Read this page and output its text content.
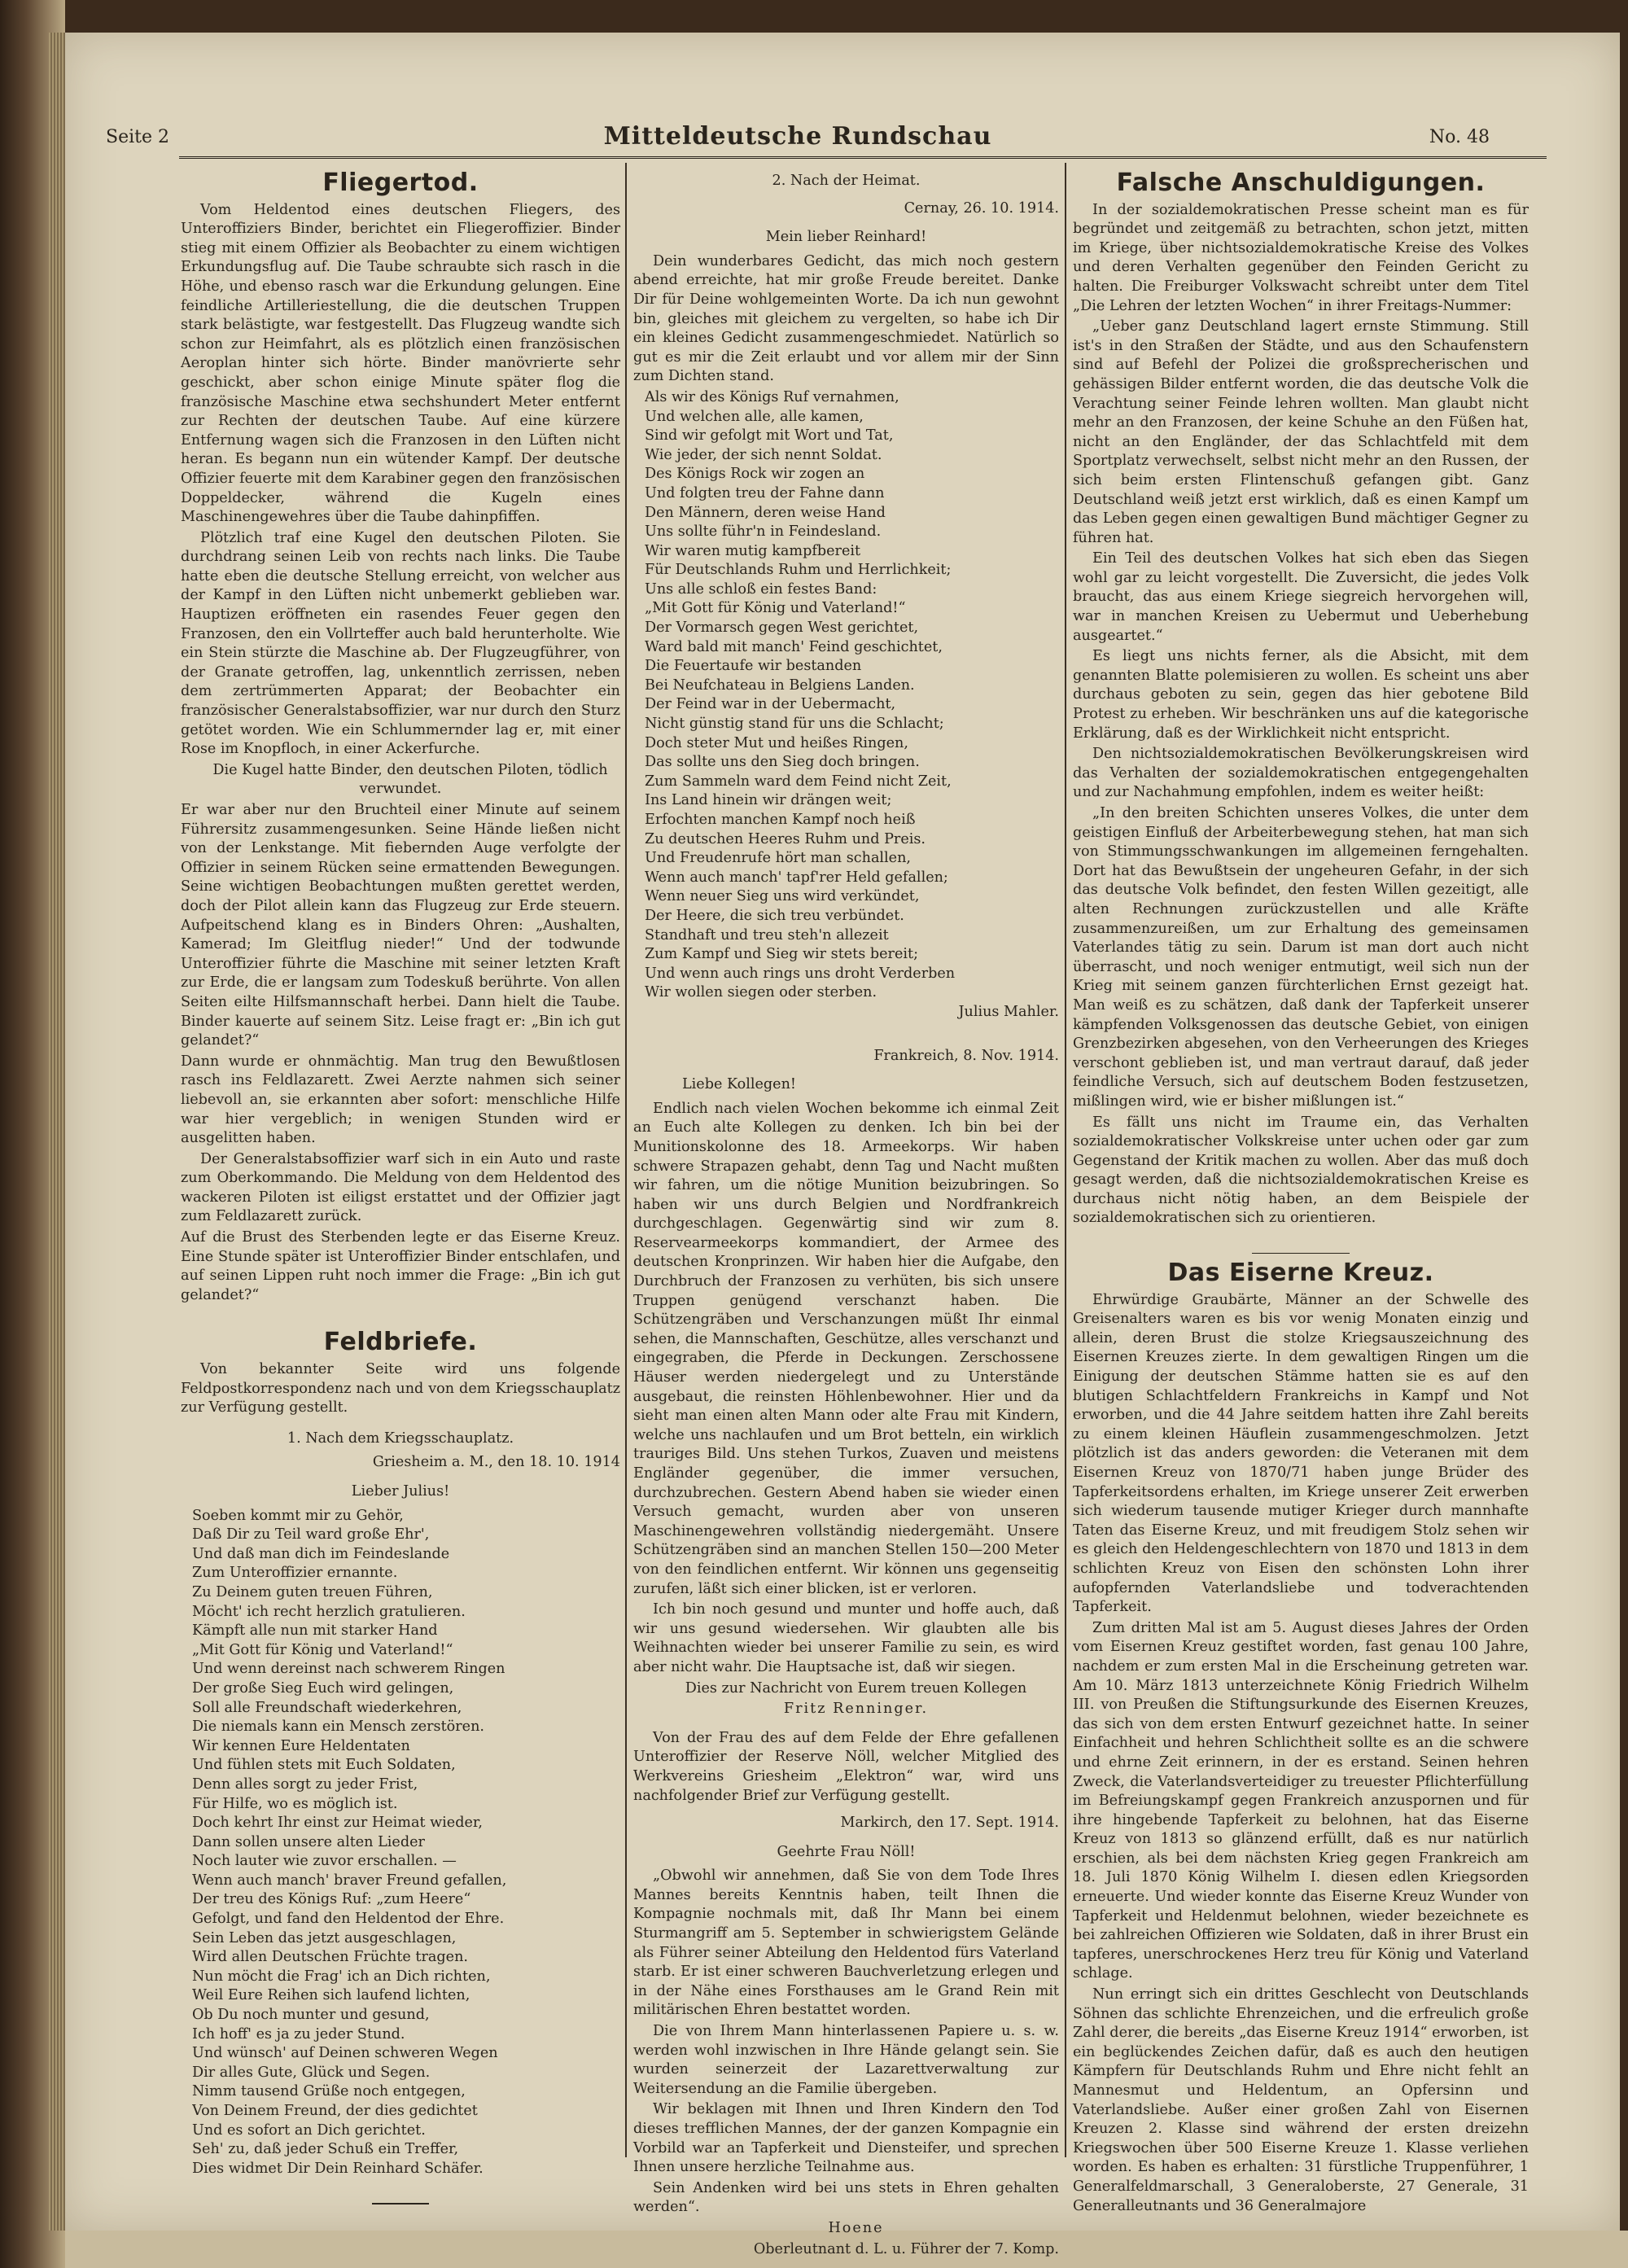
Seite 2	Mitteldeutsche Rundschau	No. 48
Fliegertod.

Vom Heldentod eines deutschen Fliegers, des Unteroffiziers Binder, berichtet ein Fliegeroffizier. Binder stieg mit einem Offizier als Beobachter zu einem wichtigen Erkundungsflug auf. Die Taube schraubte sich rasch in die Höhe, und ebenso rasch war die Erkundung gelungen. Eine feindliche Artilleriestellung, die die deutschen Truppen stark belästigte, war festgestellt. Das Flugzeug wandte sich schon zur Heimfahrt, als es plötzlich einen französischen Aeroplan hinter sich hörte. Binder manövrierte sehr geschickt, aber schon einige Minute später flog die französische Maschine etwa sechshundert Meter entfernt zur Rechten der deutschen Taube. Auf eine kürzere Entfernung wagen sich die Franzosen in den Lüften nicht heran. Es begann nun ein wütender Kampf. Der deutsche Offizier feuerte mit dem Karabiner gegen den französischen Doppeldecker, während die Kugeln eines Maschinengewehres über die Taube dahinpfiffen.

Plötzlich traf eine Kugel den deutschen Piloten. Sie durchdrang seinen Leib von rechts nach links. Die Taube hatte eben die deutsche Stellung erreicht, von welcher aus der Kampf in den Lüften nicht unbemerkt geblieben war. Hauptizen eröffneten ein rasendes Feuer gegen den Franzosen, den ein Vollrteffer auch bald herunterholte. Wie ein Stein stürzte die Maschine ab. Der Flugzeugführer, von der Granate getroffen, lag, unkenntlich zerrissen, neben dem zertrümmerten Apparat; der Beobachter ein französischer Generalstabsoffizier, war nur durch den Sturz getötet worden. Wie ein Schlummernder lag er, mit einer Rose im Knopfloch, in einer Ackerfurche.

Die Kugel hatte Binder, den deutschen Piloten, tödlich verwundet.

Er war aber nur den Bruchteil einer Minute auf seinem Führersitz zusammengesunken. Seine Hände ließen nicht von der Lenkstange. Mit fiebernden Auge verfolgte der Offizier in seinem Rücken seine ermattenden Bewegungen. Seine wichtigen Beobachtungen mußten gerettet werden, doch der Pilot allein kann das Flugzeug zur Erde steuern. Aufpeitschend klang es in Binders Ohren: „Aushalten, Kamerad; Im Gleitflug nieder!“ Und der todwunde Unteroffizier führte die Maschine mit seiner letzten Kraft zur Erde, die er langsam zum Todeskuß berührte. Von allen Seiten eilte Hilfsmannschaft herbei. Dann hielt die Taube. Binder kauerte auf seinem Sitz. Leise fragt er: „Bin ich gut gelandet?“

Dann wurde er ohnmächtig. Man trug den Bewußtlosen rasch ins Feldlazarett. Zwei Aerzte nahmen sich seiner liebevoll an, sie erkannten aber sofort: menschliche Hilfe war hier vergeblich; in wenigen Stunden wird er ausgelitten haben.

Der Generalstabsoffizier warf sich in ein Auto und raste zum Oberkommando. Die Meldung von dem Heldentod des wackeren Piloten ist eiligst erstattet und der Offizier jagt zum Feldlazarett zurück.

Auf die Brust des Sterbenden legte er das Eiserne Kreuz. Eine Stunde später ist Unteroffizier Binder entschlafen, und auf seinen Lippen ruht noch immer die Frage: „Bin ich gut gelandet?“

Feldbriefe.

Von bekannter Seite wird uns folgende Feldpostkorrespondenz nach und von dem Kriegsschauplatz zur Verfügung gestellt.

1. Nach dem Kriegsschauplatz.

Griesheim a. M., den 18. 10. 1914

Lieber Julius!

Soeben kommt mir zu Gehör,
Daß Dir zu Teil ward große Ehr',
Und daß man dich im Feindeslande
Zum Unteroffizier ernannte.
Zu Deinem guten treuen Führen,
Möcht' ich recht herzlich gratulieren.
Kämpft alle nun mit starker Hand
„Mit Gott für König und Vaterland!“
Und wenn dereinst nach schwerem Ringen
Der große Sieg Euch wird gelingen,
Soll alle Freundschaft wiederkehren,
Die niemals kann ein Mensch zerstören.
Wir kennen Eure Heldentaten
Und fühlen stets mit Euch Soldaten,
Denn alles sorgt zu jeder Frist,
Für Hilfe, wo es möglich ist.
Doch kehrt Ihr einst zur Heimat wieder,
Dann sollen unsere alten Lieder
Noch lauter wie zuvor erschallen. —
Wenn auch manch' braver Freund gefallen,
Der treu des Königs Ruf: „zum Heere“
Gefolgt, und fand den Heldentod der Ehre.
Sein Leben das jetzt ausgeschlagen,
Wird allen Deutschen Früchte tragen.
Nun möcht die Frag' ich an Dich richten,
Weil Eure Reihen sich laufend lichten,
Ob Du noch munter und gesund,
Ich hoff' es ja zu jeder Stund.
Und wünsch' auf Deinen schweren Wegen
Dir alles Gute, Glück und Segen.
Nimm tausend Grüße noch entgegen,
Von Deinem Freund, der dies gedichtet
Und es sofort an Dich gerichtet.
Seh' zu, daß jeder Schuß ein Treffer,
Dies widmet Dir Dein Reinhard Schäfer.

2. Nach der Heimat.

Cernay, 26. 10. 1914.

Mein lieber Reinhard!

Dein wunderbares Gedicht, das mich noch gestern abend erreichte, hat mir große Freude bereitet. Danke Dir für Deine wohlgemeinten Worte. Da ich nun gewohnt bin, gleiches mit gleichem zu vergelten, so habe ich Dir ein kleines Gedicht zusammengeschmiedet. Natürlich so gut es mir die Zeit erlaubt und vor allem mir der Sinn zum Dichten stand.

Als wir des Königs Ruf vernahmen,
Und welchen alle, alle kamen,
Sind wir gefolgt mit Wort und Tat,
Wie jeder, der sich nennt Soldat.
Des Königs Rock wir zogen an
Und folgten treu der Fahne dann
Den Männern, deren weise Hand
Uns sollte führ'n in Feindesland.
Wir waren mutig kampfbereit
Für Deutschlands Ruhm und Herrlichkeit;
Uns alle schloß ein festes Band:
„Mit Gott für König und Vaterland!“
Der Vormarsch gegen West gerichtet,
Ward bald mit manch' Feind geschichtet,
Die Feuertaufe wir bestanden
Bei Neufchateau in Belgiens Landen.
Der Feind war in der Uebermacht,
Nicht günstig stand für uns die Schlacht;
Doch steter Mut und heißes Ringen,
Das sollte uns den Sieg doch bringen.
Zum Sammeln ward dem Feind nicht Zeit,
Ins Land hinein wir drängen weit;
Erfochten manchen Kampf noch heiß
Zu deutschen Heeres Ruhm und Preis.
Und Freudenrufe hört man schallen,
Wenn auch manch' tapf'rer Held gefallen;
Wenn neuer Sieg uns wird verkündet,
Der Heere, die sich treu verbündet.
Standhaft und treu steh'n allezeit
Zum Kampf und Sieg wir stets bereit;
Und wenn auch rings uns droht Verderben
Wir wollen siegen oder sterben.

Julius Mahler.

Frankreich, 8. Nov. 1914.

Liebe Kollegen!

Endlich nach vielen Wochen bekomme ich einmal Zeit an Euch alte Kollegen zu denken. Ich bin bei der Munitionskolonne des 18. Armeekorps. Wir haben schwere Strapazen gehabt, denn Tag und Nacht mußten wir fahren, um die nötige Munition beizubringen. So haben wir uns durch Belgien und Nordfrankreich durchgeschlagen. Gegenwärtig sind wir zum 8. Reservearmeekorps kommandiert, der Armee des deutschen Kronprinzen. Wir haben hier die Aufgabe, den Durchbruch der Franzosen zu verhüten, bis sich unsere Truppen genügend verschanzt haben. Die Schützengräben und Verschanzungen müßt Ihr einmal sehen, die Mannschaften, Geschütze, alles verschanzt und eingegraben, die Pferde in Deckungen. Zerschossene Häuser werden niedergelegt und zu Unterstände ausgebaut, die reinsten Höhlenbewohner. Hier und da sieht man einen alten Mann oder alte Frau mit Kindern, welche uns nachlaufen und um Brot betteln, ein wirklich trauriges Bild. Uns stehen Turkos, Zuaven und meistens Engländer gegenüber, die immer versuchen, durchzubrechen. Gestern Abend haben sie wieder einen Versuch gemacht, wurden aber von unseren Maschinengewehren vollständig niedergemäht. Unsere Schützengräben sind an manchen Stellen 150—200 Meter von den feindlichen entfernt. Wir können uns gegenseitig zurufen, läßt sich einer blicken, ist er verloren.

Ich bin noch gesund und munter und hoffe auch, daß wir uns gesund wiedersehen. Wir glaubten alle bis Weihnachten wieder bei unserer Familie zu sein, es wird aber nicht wahr. Die Hauptsache ist, daß wir siegen.

Dies zur Nachricht von Eurem treuen Kollegen

Fritz Renninger.

Von der Frau des auf dem Felde der Ehre gefallenen Unteroffizier der Reserve Nöll, welcher Mitglied des Werkvereins Griesheim „Elektron“ war, wird uns nachfolgender Brief zur Verfügung gestellt.

Markirch, den 17. Sept. 1914.

Geehrte Frau Nöll!

„Obwohl wir annehmen, daß Sie von dem Tode Ihres Mannes bereits Kenntnis haben, teilt Ihnen die Kompagnie nochmals mit, daß Ihr Mann bei einem Sturmangriff am 5. September in schwierigstem Gelände als Führer seiner Abteilung den Heldentod fürs Vaterland starb. Er ist einer schweren Bauchverletzung erlegen und in der Nähe eines Forsthauses am le Grand Rein mit militärischen Ehren bestattet worden.

Die von Ihrem Mann hinterlassenen Papiere u. s. w. werden wohl inzwischen in Ihre Hände gelangt sein. Sie wurden seinerzeit der Lazarettverwaltung zur Weitersendung an die Familie übergeben.

Wir beklagen mit Ihnen und Ihren Kindern den Tod dieses trefflichen Mannes, der der ganzen Kompagnie ein Vorbild war an Tapferkeit und Diensteifer, und sprechen Ihnen unsere herzliche Teilnahme aus.

Sein Andenken wird bei uns stets in Ehren gehalten werden“.

Hoene

Oberleutnant d. L. u. Führer der 7. Komp.

Falsche Anschuldigungen.

In der sozialdemokratischen Presse scheint man es für begründet und zeitgemäß zu betrachten, schon jetzt, mitten im Kriege, über nichtsozialdemokratische Kreise des Volkes und deren Verhalten gegenüber den Feinden Gericht zu halten. Die Freiburger Volkswacht schreibt unter dem Titel „Die Lehren der letzten Wochen“ in ihrer Freitags-Nummer:

„Ueber ganz Deutschland lagert ernste Stimmung. Still ist's in den Straßen der Städte, und aus den Schaufenstern sind auf Befehl der Polizei die großsprecherischen und gehässigen Bilder entfernt worden, die das deutsche Volk die Verachtung seiner Feinde lehren wollten. Man glaubt nicht mehr an den Franzosen, der keine Schuhe an den Füßen hat, nicht an den Engländer, der das Schlachtfeld mit dem Sportplatz verwechselt, selbst nicht mehr an den Russen, der sich beim ersten Flintenschuß gefangen gibt. Ganz Deutschland weiß jetzt erst wirklich, daß es einen Kampf um das Leben gegen einen gewaltigen Bund mächtiger Gegner zu führen hat.

Ein Teil des deutschen Volkes hat sich eben das Siegen wohl gar zu leicht vorgestellt. Die Zuversicht, die jedes Volk braucht, das aus einem Kriege siegreich hervorgehen will, war in manchen Kreisen zu Uebermut und Ueberhebung ausgeartet.“

Es liegt uns nichts ferner, als die Absicht, mit dem genannten Blatte polemisieren zu wollen. Es scheint uns aber durchaus geboten zu sein, gegen das hier gebotene Bild Protest zu erheben. Wir beschränken uns auf die kategorische Erklärung, daß es der Wirklichkeit nicht entspricht.

Den nichtsozialdemokratischen Bevölkerungskreisen wird das Verhalten der sozialdemokratischen entgegengehalten und zur Nachahmung empfohlen, indem es weiter heißt:

„In den breiten Schichten unseres Volkes, die unter dem geistigen Einfluß der Arbeiterbewegung stehen, hat man sich von Stimmungsschwankungen im allgemeinen ferngehalten. Dort hat das Bewußtsein der ungeheuren Gefahr, in der sich das deutsche Volk befindet, den festen Willen gezeitigt, alle alten Rechnungen zurückzustellen und alle Kräfte zusammenzureißen, um zur Erhaltung des gemeinsamen Vaterlandes tätig zu sein. Darum ist man dort auch nicht überrascht, und noch weniger entmutigt, weil sich nun der Krieg mit seinem ganzen fürchterlichen Ernst gezeigt hat. Man weiß es zu schätzen, daß dank der Tapferkeit unserer kämpfenden Volksgenossen das deutsche Gebiet, von einigen Grenzbezirken abgesehen, von den Verheerungen des Krieges verschont geblieben ist, und man vertraut darauf, daß jeder feindliche Versuch, sich auf deutschem Boden festzusetzen, mißlingen wird, wie er bisher mißlungen ist.“

Es fällt uns nicht im Traume ein, das Verhalten sozialdemokratischer Volkskreise unter uchen oder gar zum Gegenstand der Kritik machen zu wollen. Aber das muß doch gesagt werden, daß die nichtsozialdemokratischen Kreise es durchaus nicht nötig haben, an dem Beispiele der sozialdemokratischen sich zu orientieren.

Das Eiserne Kreuz.

Ehrwürdige Graubärte, Männer an der Schwelle des Greisenalters waren es bis vor wenig Monaten einzig und allein, deren Brust die stolze Kriegsauszeichnung des Eisernen Kreuzes zierte. In dem gewaltigen Ringen um die Einigung der deutschen Stämme hatten sie es auf den blutigen Schlachtfeldern Frankreichs in Kampf und Not erworben, und die 44 Jahre seitdem hatten ihre Zahl bereits zu einem kleinen Häuflein zusammengeschmolzen. Jetzt plötzlich ist das anders geworden: die Veteranen mit dem Eisernen Kreuz von 1870/71 haben junge Brüder des Tapferkeitsordens erhalten, im Kriege unserer Zeit erwerben sich wiederum tausende mutiger Krieger durch mannhafte Taten das Eiserne Kreuz, und mit freudigem Stolz sehen wir es gleich den Heldengeschlechtern von 1870 und 1813 in dem schlichten Kreuz von Eisen den schönsten Lohn ihrer aufopfernden Vaterlandsliebe und todverachtenden Tapferkeit.

Zum dritten Mal ist am 5. August dieses Jahres der Orden vom Eisernen Kreuz gestiftet worden, fast genau 100 Jahre, nachdem er zum ersten Mal in die Erscheinung getreten war. Am 10. März 1813 unterzeichnete König Friedrich Wilhelm III. von Preußen die Stiftungsurkunde des Eisernen Kreuzes, das sich von dem ersten Entwurf gezeichnet hatte. In seiner Einfachheit und hehren Schlichtheit sollte es an die schwere und ehrne Zeit erinnern, in der es erstand. Seinen hehren Zweck, die Vaterlandsverteidiger zu treuester Pflichterfüllung im Befreiungskampf gegen Frankreich anzuspornen und für ihre hingebende Tapferkeit zu belohnen, hat das Eiserne Kreuz von 1813 so glänzend erfüllt, daß es nur natürlich erschien, als bei dem nächsten Krieg gegen Frankreich am 18. Juli 1870 König Wilhelm I. diesen edlen Kriegsorden erneuerte. Und wieder konnte das Eiserne Kreuz Wunder von Tapferkeit und Heldenmut belohnen, wieder bezeichnete es bei zahlreichen Offizieren wie Soldaten, daß in ihrer Brust ein tapferes, unerschrockenes Herz treu für König und Vaterland schlage.

Nun erringt sich ein drittes Geschlecht von Deutschlands Söhnen das schlichte Ehrenzeichen, und die erfreulich große Zahl derer, die bereits „das Eiserne Kreuz 1914“ erworben, ist ein beglückendes Zeichen dafür, daß es auch den heutigen Kämpfern für Deutschlands Ruhm und Ehre nicht fehlt an Mannesmut und Heldentum, an Opfersinn und Vaterlandsliebe. Außer einer großen Zahl von Eisernen Kreuzen 2. Klasse sind während der ersten dreizehn Kriegswochen über 500 Eiserne Kreuze 1. Klasse verliehen worden. Es haben es erhalten: 31 fürstliche Truppenführer, 1 Generalfeldmarschall, 3 Generaloberste, 27 Generale, 31 Generalleutnants und 36 Generalmajore
